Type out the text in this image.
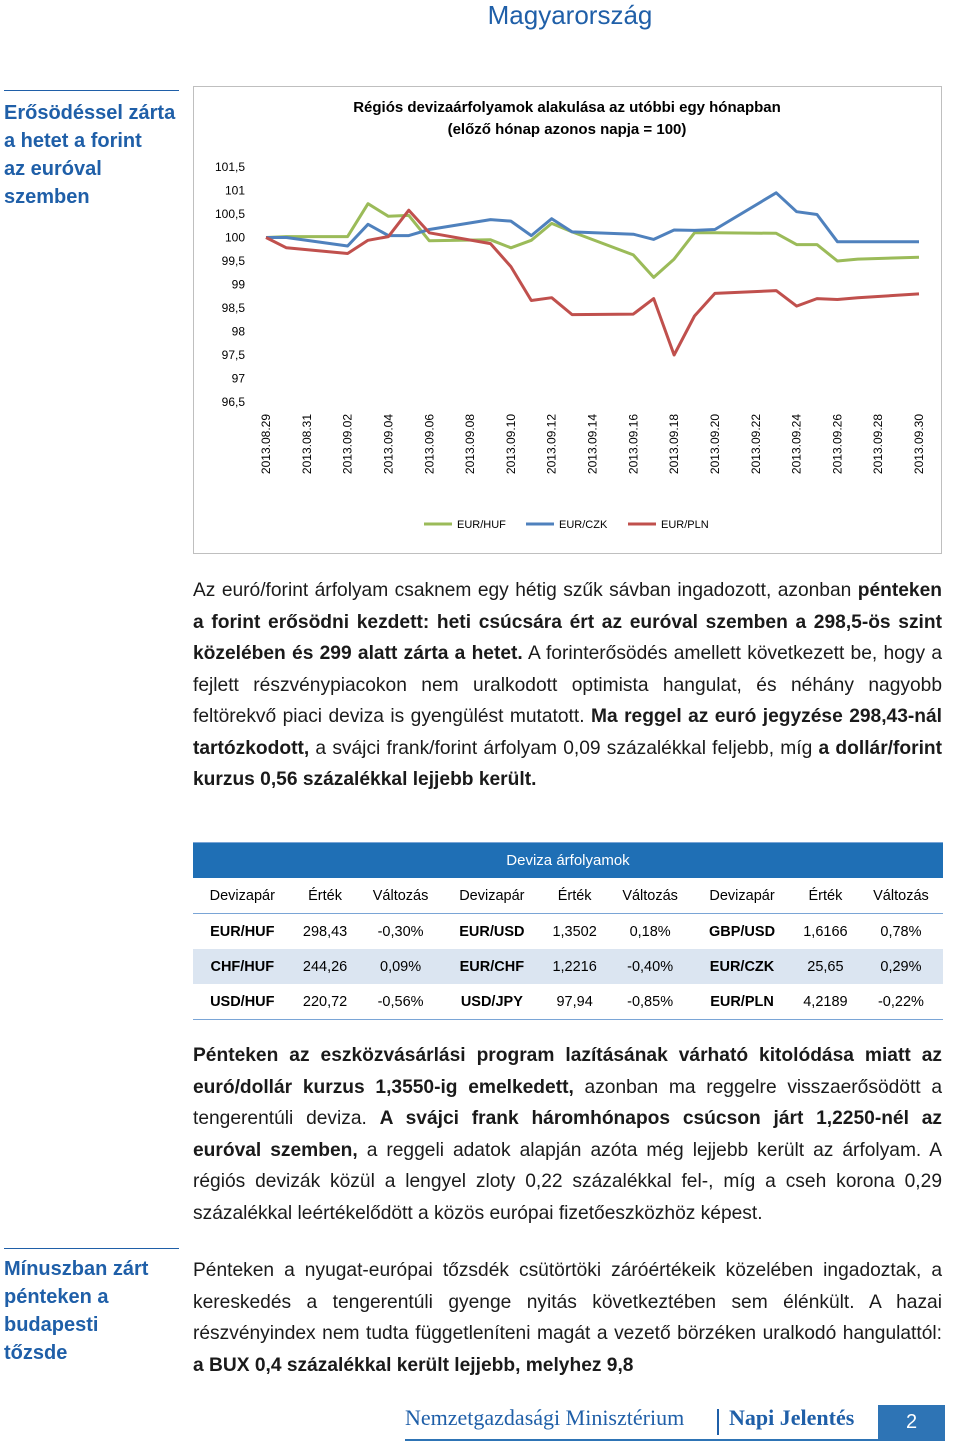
Magyarország
Erősödéssel zárta
a hetet a forint
az euróval
szemben
Régiós devizaárfolyamok alakulása az utóbbi egy hónapban
(előző hónap azonos napja = 100)
101,5
101
100,5
100
99,5
99
98,5
98
97,5
97
96,5
2013.08.29 2013.08.31 2013.09.02 2013.09.04 2013.09.06 2013.09.08 2013.09.10 2013.09.12 2013.09.14 2013.09.16 2013.09.18 2013.09.20 2013.09.22 2013.09.24 2013.09.26 2013.09.28 2013.09.30
EUR/HUF	EUR/CZK	EUR/PLN
Az euró/forint árfolyam csaknem egy hétig szűk sávban ingadozott, azonban pénteken a forint erősödni kezdett: heti csúcsára ért az euróval szemben a 298,5-ös szint közelében és 299 alatt zárta a hetet. A forinterősödés amellett következett be, hogy a fejlett részvénypiacokon nem uralkodott optimista hangulat, és néhány nagyobb feltörekvő piaci deviza is gyengülést mutatott. Ma reggel az euró jegyzése 298,43-nál tartózkodott, a svájci frank/forint árfolyam 0,09 százalékkal feljebb, míg a dollár/forint kurzus 0,56 százalékkal lejjebb került.
Deviza árfolyamok								
Devizapár	Érték	Változás	Devizapár	Érték	Változás	Devizapár	Érték	Változás
EUR/HUF	298,43	-0,30%	EUR/USD	1,3502	0,18%	GBP/USD	1,6166	0,78%
CHF/HUF	244,26	0,09%	EUR/CHF	1,2216	-0,40%	EUR/CZK	25,65	0,29%
USD/HUF	220,72	-0,56%	USD/JPY	97,94	-0,85%	EUR/PLN	4,2189	-0,22%
Pénteken az eszközvásárlási program lazításának várható kitolódása miatt az euró/dollár kurzus 1,3550-ig emelkedett, azonban ma reggelre visszaerősödött a tengerentúli deviza. A svájci frank háromhónapos csúcson járt 1,2250-nél az euróval szemben, a reggeli adatok alapján azóta még lejjebb került az árfolyam. A régiós devizák közül a lengyel zloty 0,22 százalékkal fel-, míg a cseh korona 0,29 százalékkal leértékelődött a közös európai fizetőeszközhöz képest.
Mínuszban zárt
pénteken a
budapesti
tőzsde
Pénteken a nyugat-európai tőzsdék csütörtöki záróértékeik közelében ingadoztak, a kereskedés a tengerentúli gyenge nyitás következtében sem élénkült. A hazai részvényindex nem tudta függetleníteni magát a vezető börzéken uralkodó hangulattól: a BUX 0,4 százalékkal került lejjebb, melyhez 9,8
Nemzetgazdasági Minisztérium Napi Jelentés	2
